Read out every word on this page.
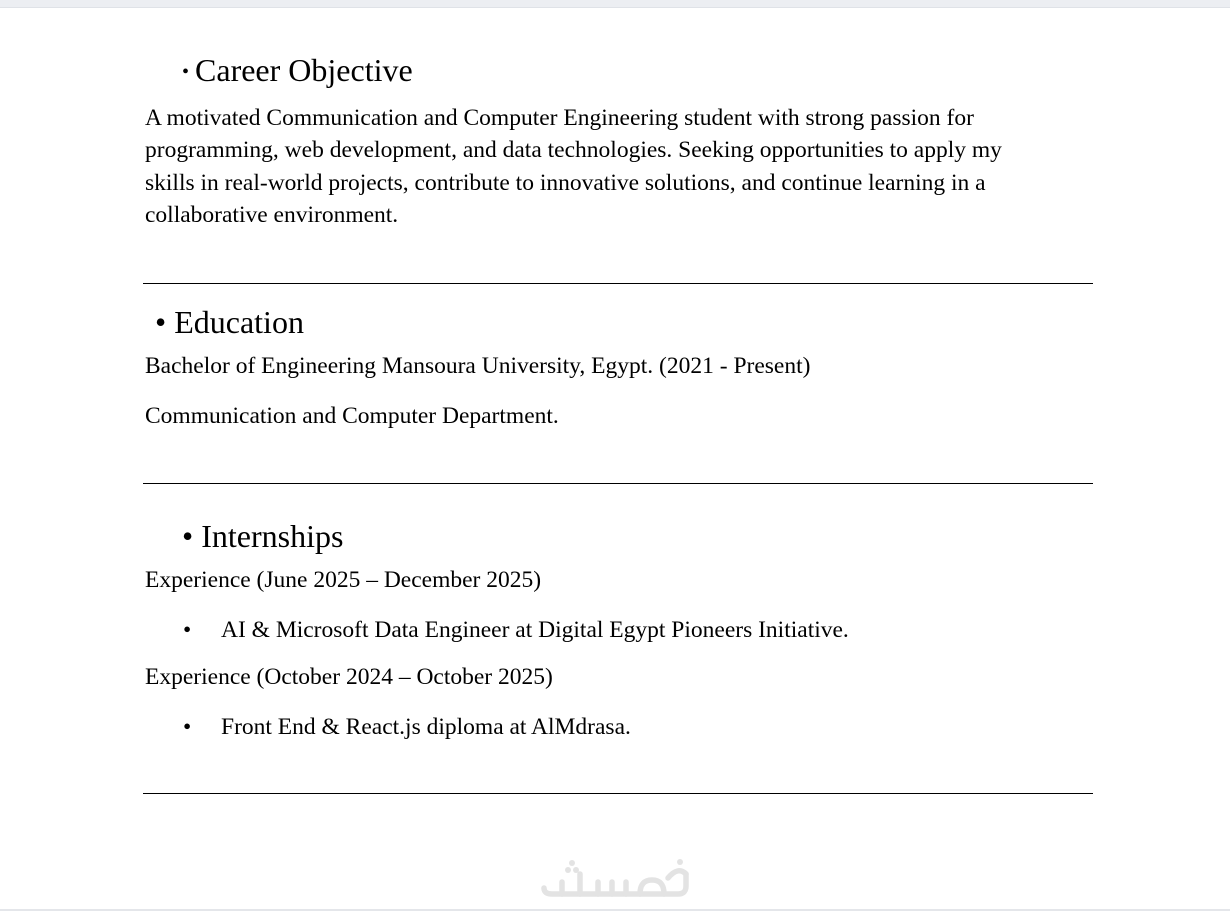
• Career Objective
A motivated Communication and Computer Engineering student with strong passion for
programming, web development, and data technologies. Seeking opportunities to apply my
skills in real-world projects, contribute to innovative solutions, and continue learning in a
collaborative environment.
• Education
Bachelor of Engineering Mansoura University, Egypt. (2021 - Present)
Communication and Computer Department.
• Internships
Experience (June 2025 – December 2025)
• AI & Microsoft Data Engineer at Digital Egypt Pioneers Initiative.
Experience (October 2024 – October 2025)
• Front End & React.js diploma at AlMdrasa.
